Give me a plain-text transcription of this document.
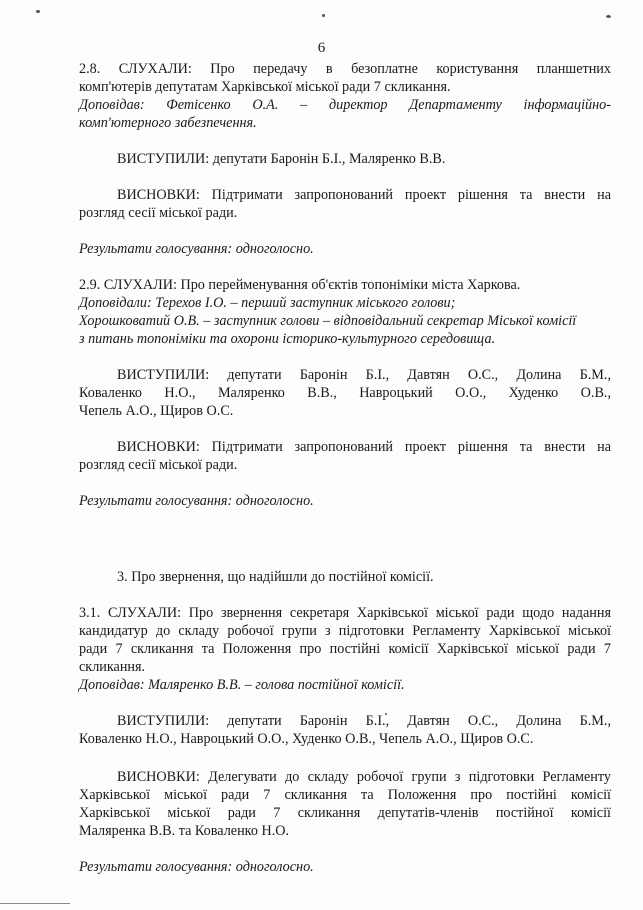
6

2.8. СЛУХАЛИ: Про передачу в безоплатне користування планшетних

комп'ютерів депутатам Харківської міської ради 7 скликання.

Доповідав: Фетісенко О.А. – директор Департаменту інформаційно-

комп'ютерного забезпечення.

ВИСТУПИЛИ: депутати Баронін Б.І., Маляренко В.В.

ВИСНОВКИ: Підтримати запропонований проект рішення та внести на

розгляд сесії міської ради.

Результати голосування: одноголосно.

2.9. СЛУХАЛИ: Про перейменування об'єктів топоніміки міста Харкова.

Доповідали: Терехов І.О. – перший заступник міського голови;

Хорошковатий О.В. – заступник голови – відповідальний секретар Міської комісії

з питань топоніміки та охорони історико-культурного середовища.

ВИСТУПИЛИ: депутати Баронін Б.І., Давтян О.С., Долина Б.М.,

Коваленко Н.О., Маляренко В.В., Навроцький О.О., Худенко О.В.,

Чепель А.О., Щиров О.С.

ВИСНОВКИ: Підтримати запропонований проект рішення та внести на

розгляд сесії міської ради.

Результати голосування: одноголосно.

3. Про звернення, що надійшли до постійної комісії.

3.1. СЛУХАЛИ: Про звернення секретаря Харківської міської ради щодо надання

кандидатур до складу робочої групи з підготовки Регламенту Харківської міської

ради 7 скликання та Положення про постійні комісії Харківської міської ради 7

скликання.

Доповідав: Маляренко В.В. – голова постійної комісії.

ВИСТУПИЛИ: депутати Баронін Б.І., Давтян О.С., Долина Б.М.,

Коваленко Н.О., Навроцький О.О., Худенко О.В., Чепель А.О., Щиров О.С.

ВИСНОВКИ: Делегувати до складу робочої групи з підготовки Регламенту

Харківської міської ради 7 скликання та Положення про постійні комісії

Харківської міської ради 7 скликання депутатів-членів постійної комісії

Маляренка В.В. та Коваленко Н.О.

Результати голосування: одноголосно.
